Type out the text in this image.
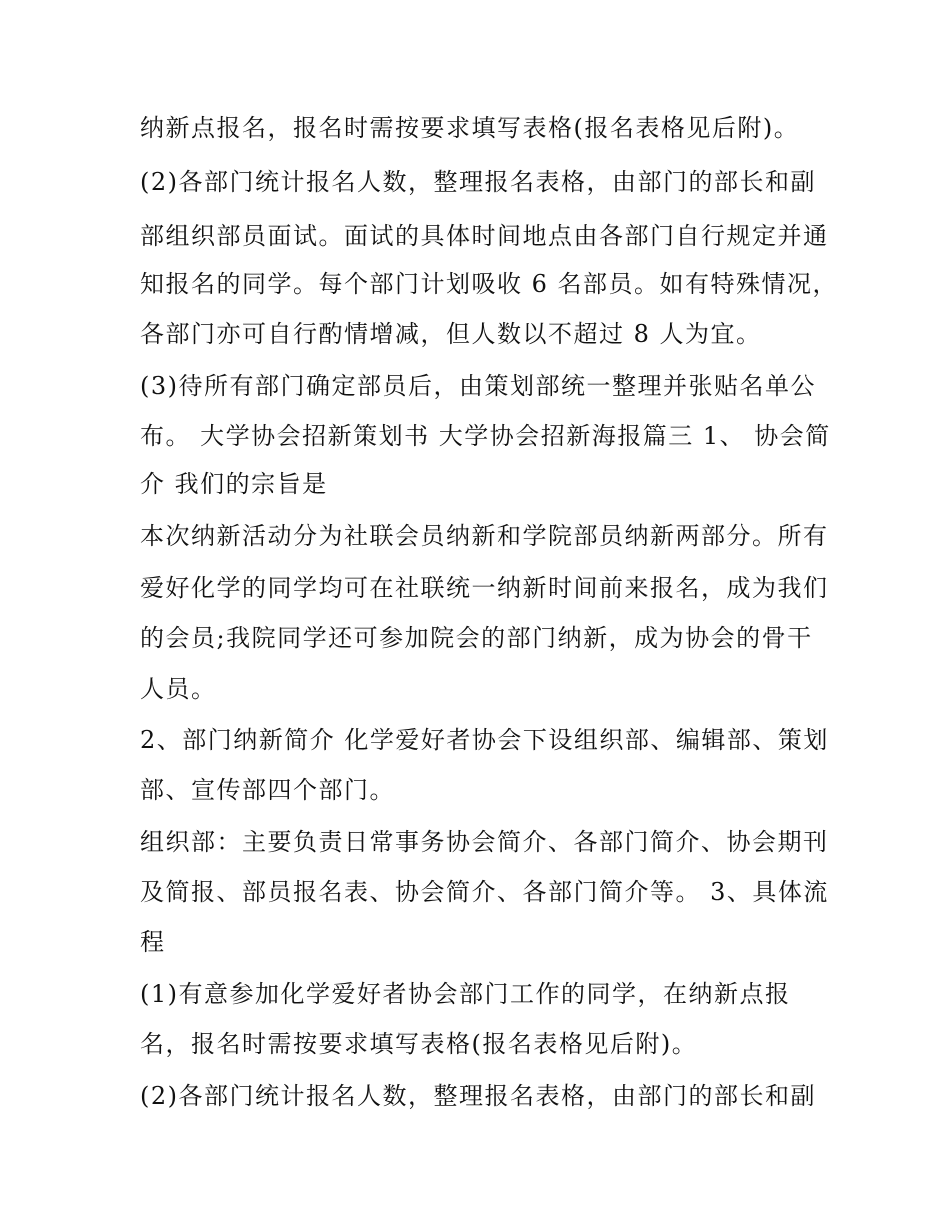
纳新点报名，报名时需按要求填写表格(报名表格见后附)。
(2)各部门统计报名人数，整理报名表格，由部门的部长和副
部组织部员面试。面试的具体时间地点由各部门自行规定并通
知报名的同学。每个部门计划吸收 6 名部员。如有特殊情况，
各部门亦可自行酌情增减，但人数以不超过 8 人为宜。
(3)待所有部门确定部员后，由策划部统一整理并张贴名单公
布。 大学协会招新策划书 大学协会招新海报篇三 1、 协会简
介 我们的宗旨是
本次纳新活动分为社联会员纳新和学院部员纳新两部分。所有
爱好化学的同学均可在社联统一纳新时间前来报名，成为我们
的会员;我院同学还可参加院会的部门纳新，成为协会的骨干
人员。
2、部门纳新简介 化学爱好者协会下设组织部、编辑部、策划
部、宣传部四个部门。
组织部：主要负责日常事务协会简介、各部门简介、协会期刊
及简报、部员报名表、协会简介、各部门简介等。 3、具体流
程
(1)有意参加化学爱好者协会部门工作的同学，在纳新点报
名，报名时需按要求填写表格(报名表格见后附)。
(2)各部门统计报名人数，整理报名表格，由部门的部长和副
